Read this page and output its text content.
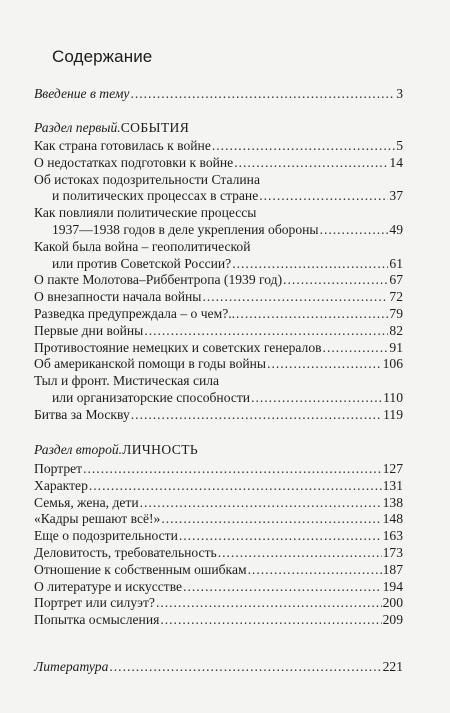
Содержание
Введение в тему . . .	3
Раздел первый. СОБЫТИЯ
Как страна готовилась к войне . . .	5
О недостатках подготовки к войне . . .	14
Об истоках подозрительности Сталина
и политических процессах в стране . . .	37
Как повлияли политические процессы
1937—1938 годов в деле укрепления обороны . . .	49
Какой была война – геополитической
или против Советской России? . . .	61
О пакте Молотова–Риббентропа (1939 год) . . .	67
О внезапности начала войны . . .	72
Разведка предупреждала – о чем?.. . . .	79
Первые дни войны . . .	82
Противостояние немецких и советских генералов . . .	91
Об американской помощи в годы войны . . .	106
Тыл и фронт. Мистическая сила
или организаторские способности . . .	110
Битва за Москву . . .	119
Раздел второй. ЛИЧНОСТЬ
Портрет . . .	127
Характер . . .	131
Семья, жена, дети . . .	138
«Кадры решают всё!» . . .	148
Еще о подозрительности . . .	163
Деловитость, требовательность . . .	173
Отношение к собственным ошибкам . . .	187
О литературе и искусстве . . .	194
Портрет или силуэт? . . .	200
Попытка осмысления . . .	209
Литература . . .	221
